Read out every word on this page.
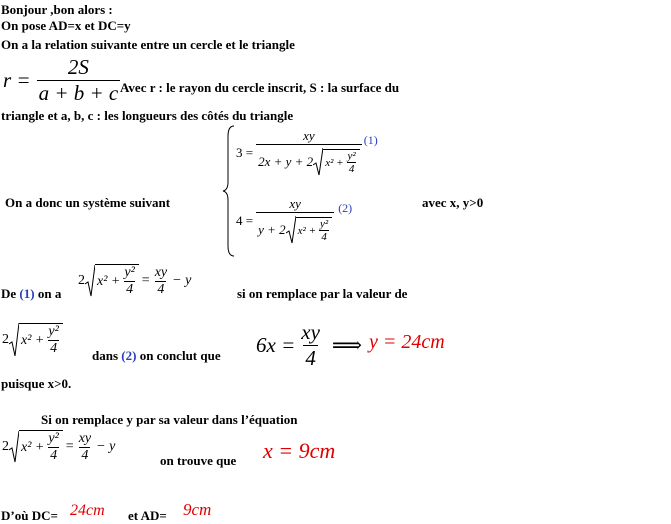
Bonjour ,bon alors :
On pose AD=x et DC=y
On a la relation suivante entre un cercle et le triangle
$r = \frac{2S}{a + b + c}$ Avec r : le rayon du cercle inscrit, S : la surface du
triangle et a, b, c : les longueurs des côtés du triangle
On a donc un système suivant
3 =
xy
2x + y + 2 $x^2 + \frac{\text{y²}}{4}$
(1)
4 =
xy
y + 2 $x^2 + \frac{\text{y²}}{4}$
(2)	avec x, y>0
De (1) on a
2 $x^2 + \frac{\text{y²}}{4} = \frac{xy}{4} - y$
si on remplace par la valeur de
2 $x^2 + \frac{\text{y²}}{4}$ dans (2) on conclut que $6x = \frac{xy}{4}$ ⟹ y = 24cm
puisque x>0.
Si on remplace y par sa valeur dans l’équation
2 $x^2 + \frac{\text{y²}}{4} = \frac{xy}{4} - y$
on trouve que x = 9cm
D’où DC= 24cm et AD= 9cm
